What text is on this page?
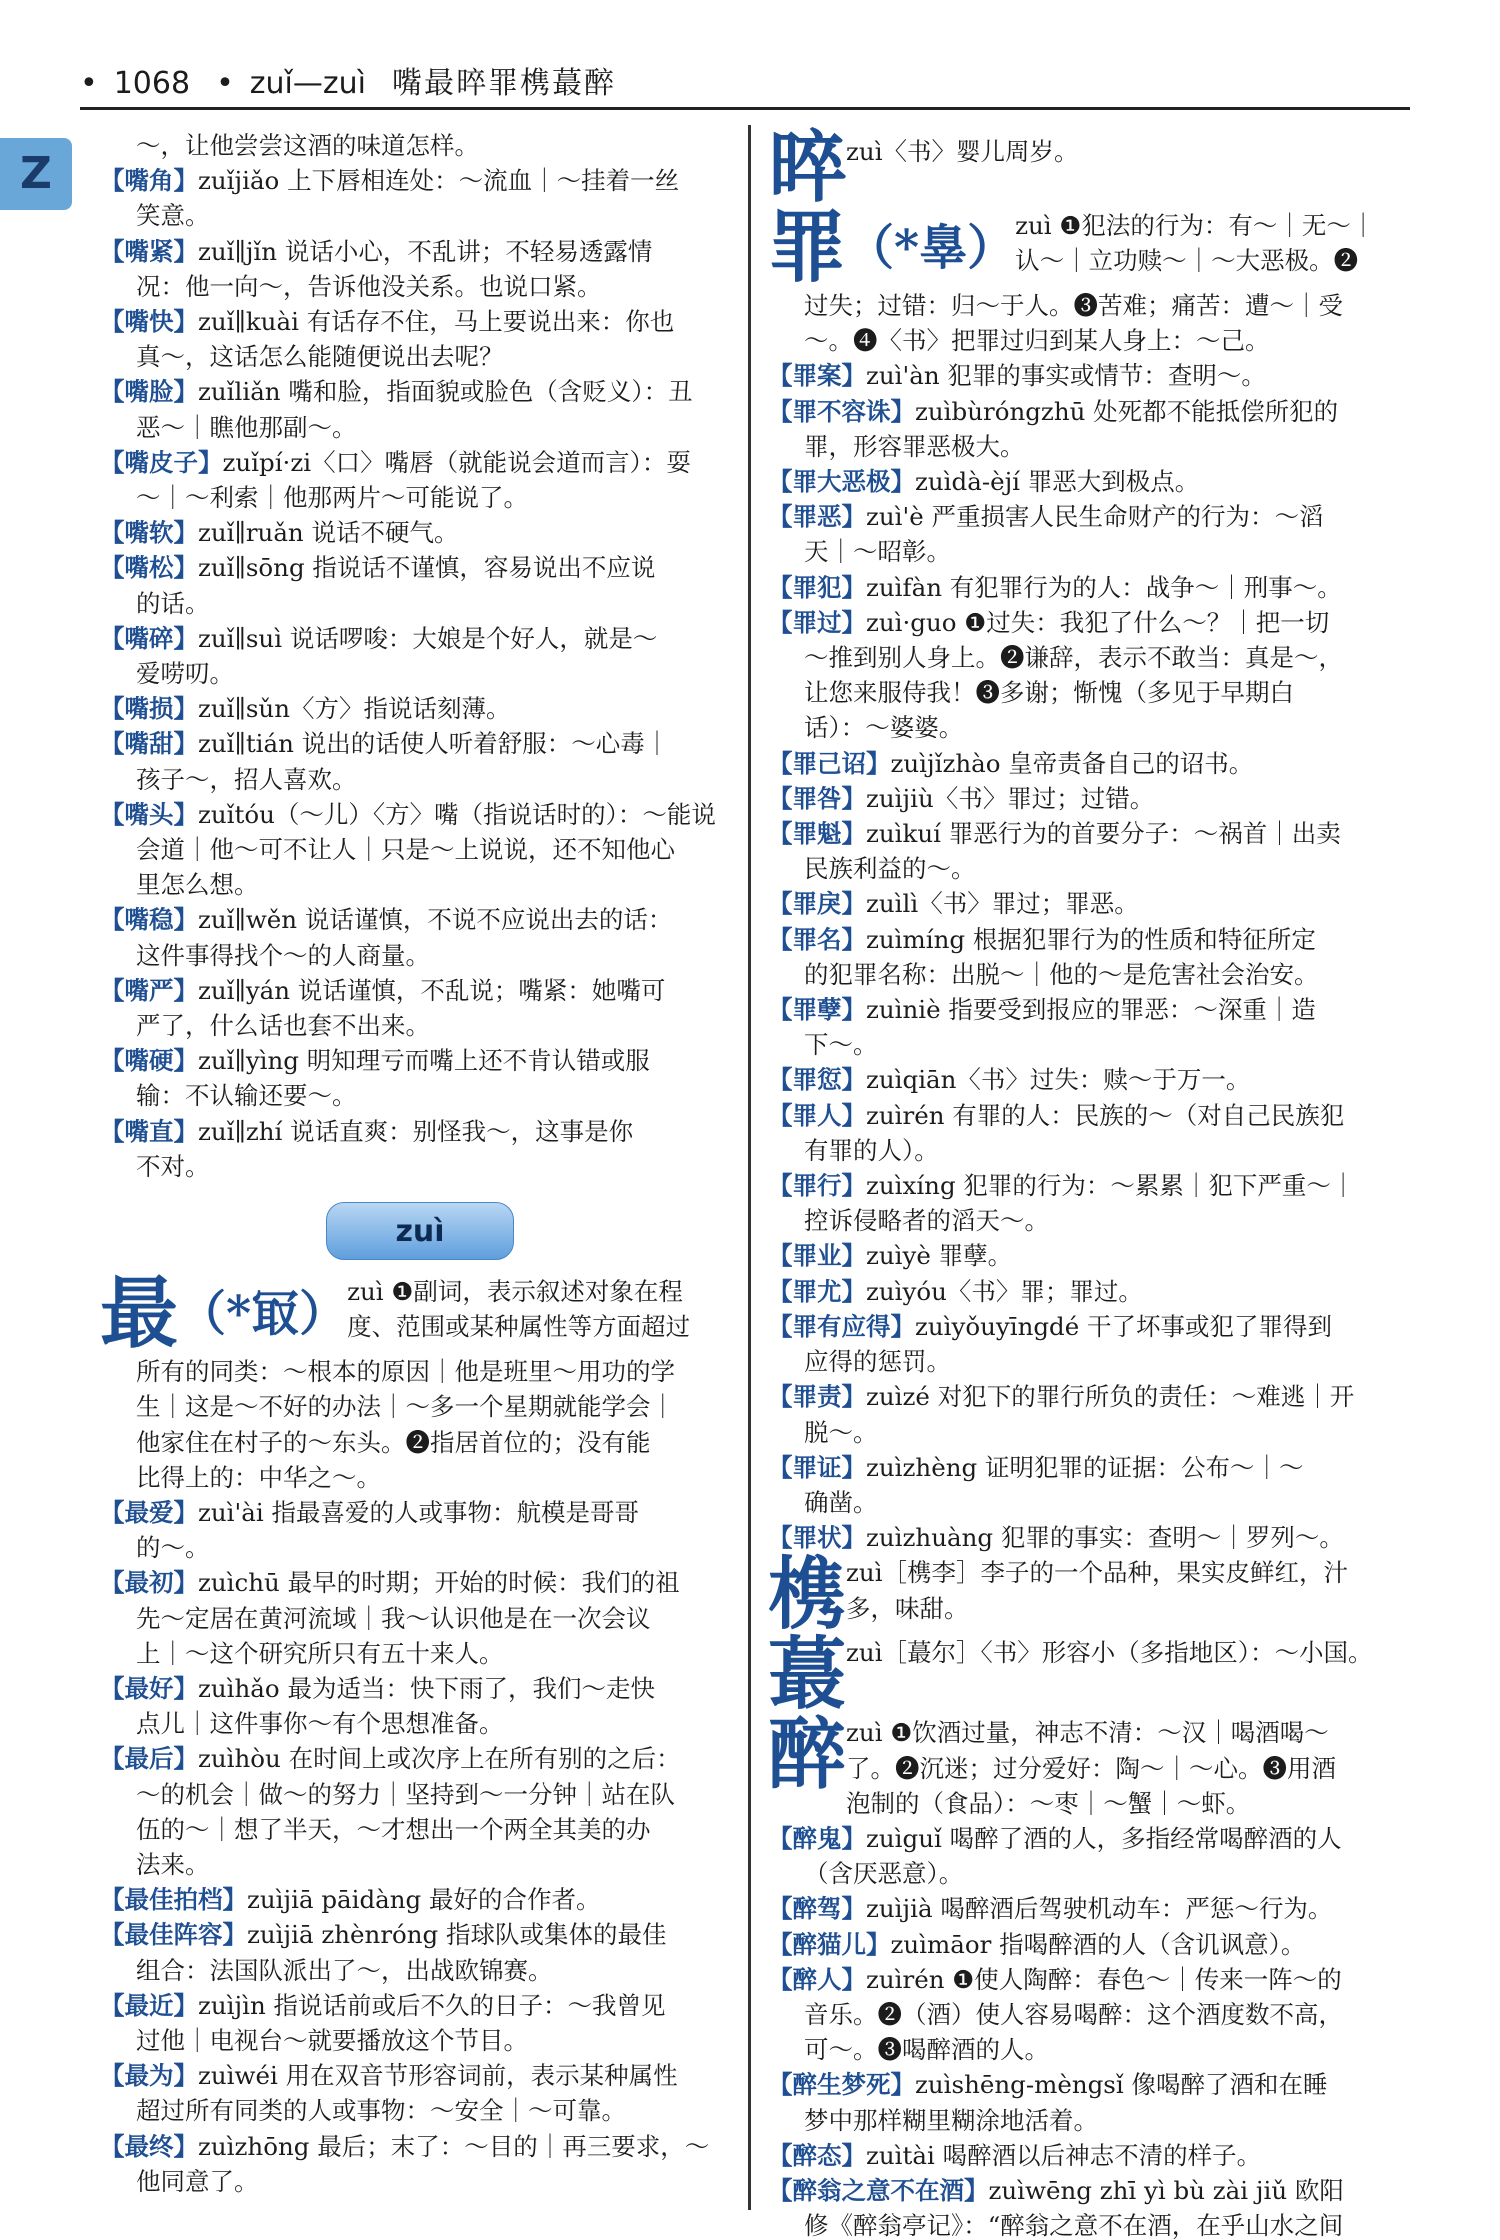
• 1068 • zuǐ—zuì 嘴最晬罪槜蕞醉
Z
～，让他尝尝这酒的味道怎样。
【 嘴角 】 zuǐjiǎo 上下唇相连处：～流血｜～挂着一丝
笑意。
【 嘴紧 】 zuǐ∥jǐn 说话小心，不乱讲；不轻易透露情
况：他一向～，告诉他没关系。也说口紧。
【 嘴快 】 zuǐ∥kuài 有话存不住，马上要说出来：你也
真～，这话怎么能随便说出去呢？
【 嘴脸 】 zuǐliǎn 嘴和脸，指面貌或脸色（含贬义）：丑
恶～｜瞧他那副～。
【 嘴皮子 】 zuǐpí·zi〈口〉嘴唇（就能说会道而言）：耍
～｜～利索｜他那两片～可能说了。
【 嘴软 】 zuǐ∥ruǎn 说话不硬气。
【 嘴松 】 zuǐ∥sōng 指说话不谨慎，容易说出不应说
的话。
【 嘴碎 】 zuǐ∥suì 说话啰唆：大娘是个好人，就是～
爱唠叨。
【 嘴损 】 zuǐ∥sǔn〈方〉指说话刻薄。
【 嘴甜 】 zuǐ∥tián 说出的话使人听着舒服：～心毒｜
孩子～，招人喜欢。
【 嘴头 】 zuǐtóu（～儿）〈方〉嘴（指说话时的）：～能说
会道｜他～可不让人｜只是～上说说，还不知他心
里怎么想。
【 嘴稳 】 zuǐ∥wěn 说话谨慎，不说不应说出去的话：
这件事得找个～的人商量。
【 嘴严 】 zuǐ∥yán 说话谨慎，不乱说；嘴紧：她嘴可
严了，什么话也套不出来。
【 嘴硬 】 zuǐ∥yìng 明知理亏而嘴上还不肯认错或服
输：不认输还要～。
【 嘴直 】 zuǐ∥zhí 说话直爽：别怪我～，这事是你
不对。
zuì
最 （*冣） zuì ❶副词，表示叙述对象在程
度、范围或某种属性等方面超过
所有的同类：～根本的原因｜他是班里～用功的学
生｜这是～不好的办法｜～多一个星期就能学会｜
他家住在村子的～东头。❷指居首位的；没有能
比得上的：中华之～。
【 最爱 】 zuì'ài 指最喜爱的人或事物：航模是哥哥
的～。
【 最初 】 zuìchū 最早的时期；开始的时候：我们的祖
先～定居在黄河流域｜我～认识他是在一次会议
上｜～这个研究所只有五十来人。
【 最好 】 zuìhǎo 最为适当：快下雨了，我们～走快
点儿｜这件事你～有个思想准备。
【 最后 】 zuìhòu 在时间上或次序上在所有别的之后：
～的机会｜做～的努力｜坚持到～一分钟｜站在队
伍的～｜想了半天，～才想出一个两全其美的办
法来。
【 最佳拍档 】 zuìjiā pāidàng 最好的合作者。
【 最佳阵容 】 zuìjiā zhènróng 指球队或集体的最佳
组合：法国队派出了～，出战欧锦赛。
【 最近 】 zuìjìn 指说话前或后不久的日子：～我曾见
过他｜电视台～就要播放这个节目。
【 最为 】 zuìwéi 用在双音节形容词前，表示某种属性
超过所有同类的人或事物：～安全｜～可靠。
【 最终 】 zuìzhōng 最后；末了：～目的｜再三要求，～
他同意了。
晬 zuì〈书〉婴儿周岁。
罪 （*辠） zuì ❶犯法的行为：有～｜无～｜
认～｜立功赎～｜～大恶极。❷
过失；过错：归～于人。❸苦难；痛苦：遭～｜受
～。❹〈书〉把罪过归到某人身上：～己。
【 罪案 】 zuì'àn 犯罪的事实或情节：查明～。
【 罪不容诛 】 zuìbùróngzhū 处死都不能抵偿所犯的
罪，形容罪恶极大。
【 罪大恶极 】 zuìdà-èjí 罪恶大到极点。
【 罪恶 】 zuì'è 严重损害人民生命财产的行为：～滔
天｜～昭彰。
【 罪犯 】 zuìfàn 有犯罪行为的人：战争～｜刑事～。
【 罪过 】 zuì·guo ❶过失：我犯了什么～？｜把一切
～推到别人身上。❷谦辞，表示不敢当：真是～，
让您来服侍我！❸多谢；惭愧（多见于早期白
话）：～婆婆。
【 罪己诏 】 zuìjǐzhào 皇帝责备自己的诏书。
【 罪咎 】 zuìjiù〈书〉罪过；过错。
【 罪魁 】 zuìkuí 罪恶行为的首要分子：～祸首｜出卖
民族利益的～。
【 罪戾 】 zuìlì〈书〉罪过；罪恶。
【 罪名 】 zuìmíng 根据犯罪行为的性质和特征所定
的犯罪名称：出脱～｜他的～是危害社会治安。
【 罪孽 】 zuìniè 指要受到报应的罪恶：～深重｜造
下～。
【 罪愆 】 zuìqiān〈书〉过失：赎～于万一。
【 罪人 】 zuìrén 有罪的人：民族的～（对自己民族犯
有罪的人）。
【 罪行 】 zuìxíng 犯罪的行为：～累累｜犯下严重～｜
控诉侵略者的滔天～。
【 罪业 】 zuìyè 罪孽。
【 罪尤 】 zuìyóu〈书〉罪；罪过。
【 罪有应得 】 zuìyǒuyīngdé 干了坏事或犯了罪得到
应得的惩罚。
【 罪责 】 zuìzé 对犯下的罪行所负的责任：～难逃｜开
脱～。
【 罪证 】 zuìzhèng 证明犯罪的证据：公布～｜～
确凿。
【 罪状 】 zuìzhuàng 犯罪的事实：查明～｜罗列～。
槜 zuì［槜李］李子的一个品种，果实皮鲜红，汁
多，味甜。
蕞 zuì［蕞尔］〈书〉形容小（多指地区）：～小国。
醉 zuì ❶饮酒过量，神志不清：～汉｜喝酒喝～
了。❷沉迷；过分爱好：陶～｜～心。❸用酒
泡制的（食品）：～枣｜～蟹｜～虾。
【 醉鬼 】 zuìguǐ 喝醉了酒的人，多指经常喝醉酒的人
（含厌恶意）。
【 醉驾 】 zuìjià 喝醉酒后驾驶机动车：严惩～行为。
【 醉猫儿 】 zuìmāor 指喝醉酒的人（含讥讽意）。
【 醉人 】 zuìrén ❶使人陶醉：春色～｜传来一阵～的
音乐。❷（酒）使人容易喝醉：这个酒度数不高，
可～。❸喝醉酒的人。
【 醉生梦死 】 zuìshēng-mèngsǐ 像喝醉了酒和在睡
梦中那样糊里糊涂地活着。
【 醉态 】 zuìtài 喝醉酒以后神志不清的样子。
【 醉翁之意不在酒 】 zuìwēng zhī yì bù zài jiǔ 欧阳
修《醉翁亭记》：“醉翁之意不在酒，在乎山水之间
